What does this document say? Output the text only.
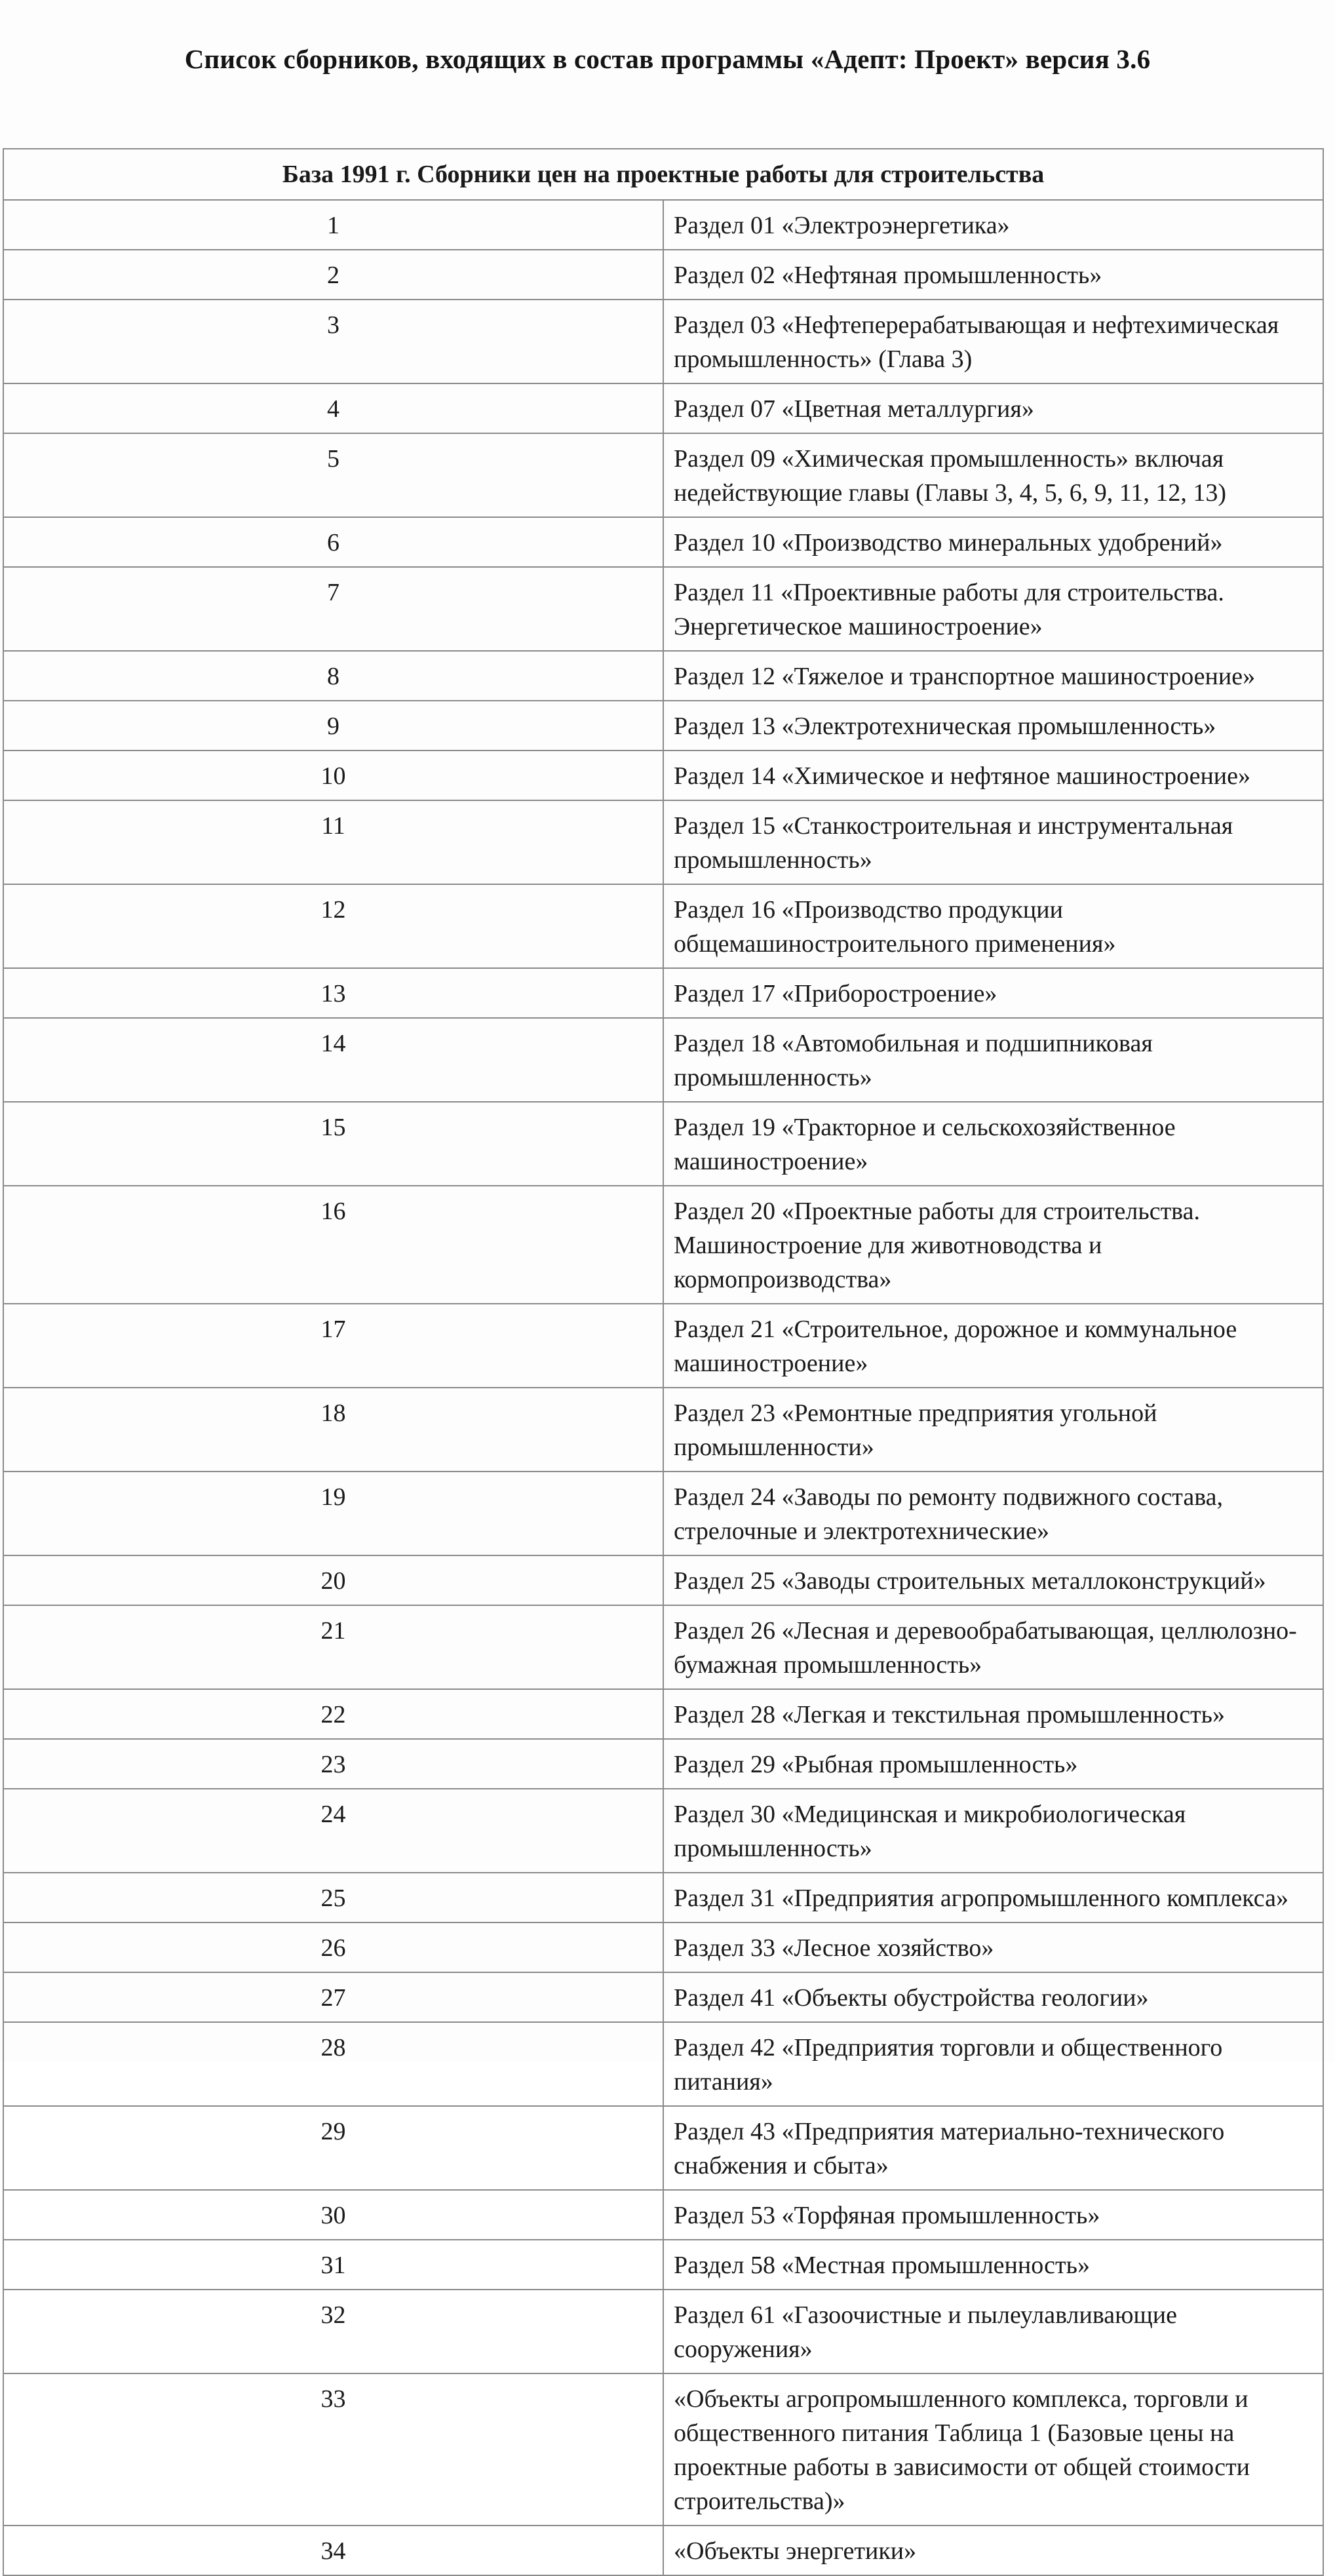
Список сборников, входящих в состав программы «Адепт: Проект» версия 3.6
База 1991 г. Сборники цен на проектные работы для строительства	
1	Раздел 01 «Электроэнергетика»
2	Раздел 02 «Нефтяная промышленность»
3	Раздел 03 «Нефтеперерабатывающая и нефтехимическая промышленность» (Глава 3)
4	Раздел 07 «Цветная металлургия»
5	Раздел 09 «Химическая промышленность» включая недействующие главы (Главы 3, 4, 5, 6, 9, 11, 12, 13)
6	Раздел 10 «Производство минеральных удобрений»
7	Раздел 11 «Проективные работы для строительства. Энергетическое машиностроение»
8	Раздел 12 «Тяжелое и транспортное машиностроение»
9	Раздел 13 «Электротехническая промышленность»
10	Раздел 14 «Химическое и нефтяное машиностроение»
11	Раздел 15 «Станкостроительная и инструментальная промышленность»
12	Раздел 16 «Производство продукции общемашиностроительного применения»
13	Раздел 17 «Приборостроение»
14	Раздел 18 «Автомобильная и подшипниковая промышленность»
15	Раздел 19 «Тракторное и сельскохозяйственное машиностроение»
16	Раздел 20 «Проектные работы для строительства. Машиностроение для животноводства и кормопроизводства»
17	Раздел 21 «Строительное, дорожное и коммунальное машиностроение»
18	Раздел 23 «Ремонтные предприятия угольной промышленности»
19	Раздел 24 «Заводы по ремонту подвижного состава, стрелочные и электротехнические»
20	Раздел 25 «Заводы строительных металлоконструкций»
21	Раздел 26 «Лесная и деревообрабатывающая, целлюлозно-бумажная промышленность»
22	Раздел 28 «Легкая и текстильная промышленность»
23	Раздел 29 «Рыбная промышленность»
24	Раздел 30 «Медицинская и микробиологическая промышленность»
25	Раздел 31 «Предприятия агропромышленного комплекса»
26	Раздел 33 «Лесное хозяйство»
27	Раздел 41 «Объекты обустройства геологии»
28	Раздел 42 «Предприятия торговли и общественного питания»
29	Раздел 43 «Предприятия материально-технического снабжения и сбыта»
30	Раздел 53 «Торфяная промышленность»
31	Раздел 58 «Местная промышленность»
32	Раздел 61 «Газоочистные и пылеулавливающие сооружения»
33	«Объекты агропромышленного комплекса, торговли и общественного питания Таблица 1 (Базовые цены на проектные работы в зависимости от общей стоимости строительства)»
34	«Объекты энергетики»
